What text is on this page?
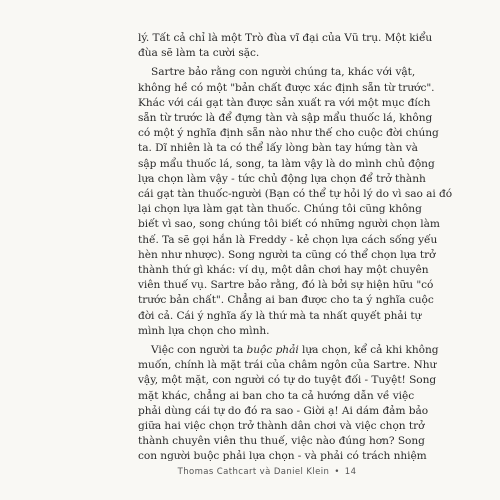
lý. Tất cả chỉ là một Trò đùa vĩ đại của Vũ trụ. Một kiểu
đùa sẽ làm ta cười sặc.
Sartre bảo rằng con người chúng ta, khác với vật,
không hề có một "bản chất được xác định sẵn từ trước".
Khác với cái gạt tàn được sản xuất ra với một mục đích
sẵn từ trước là để đựng tàn và sập mẩu thuốc lá, không
có một ý nghĩa định sẵn nào như thế cho cuộc đời chúng
ta. Dĩ nhiên là ta có thể lấy lòng bàn tay hứng tàn và
sập mẩu thuốc lá, song, ta làm vậy là do mình chủ động
lựa chọn làm vậy - tức chủ động lựa chọn để trở thành
cái gạt tàn thuốc-người (Bạn có thể tự hỏi lý do vì sao ai đó
lại chọn lựa làm gạt tàn thuốc. Chúng tôi cũng không
biết vì sao, song chúng tôi biết có những người chọn làm
thế. Ta sẽ gọi hắn là Freddy - kẻ chọn lựa cách sống yếu
hèn như nhược). Song người ta cũng có thể chọn lựa trở
thành thứ gì khác: ví dụ, một dân chơi hay một chuyên
viên thuế vụ. Sartre bảo rằng, đó là bởi sự hiện hữu "có
trước bản chất". Chẳng ai ban được cho ta ý nghĩa cuộc
đời cả. Cái ý nghĩa ấy là thứ mà ta nhất quyết phải tự
mình lựa chọn cho mình.
Việc con người ta buộc phải lựa chọn, kể cả khi không
muốn, chính là mặt trái của châm ngôn của Sartre. Như
vậy, một mặt, con người có tự do tuyệt đối - Tuyệt! Song
mặt khác, chẳng ai ban cho ta cả hướng dẫn về việc
phải dùng cái tự do đó ra sao - Giời ạ! Ai dám đảm bảo
giữa hai việc chọn trở thành dân chơi và việc chọn trở
thành chuyên viên thu thuế, việc nào đúng hơn? Song
con người buộc phải lựa chọn - và phải có trách nhiệm
Thomas Cathcart và Daniel Klein • 14
